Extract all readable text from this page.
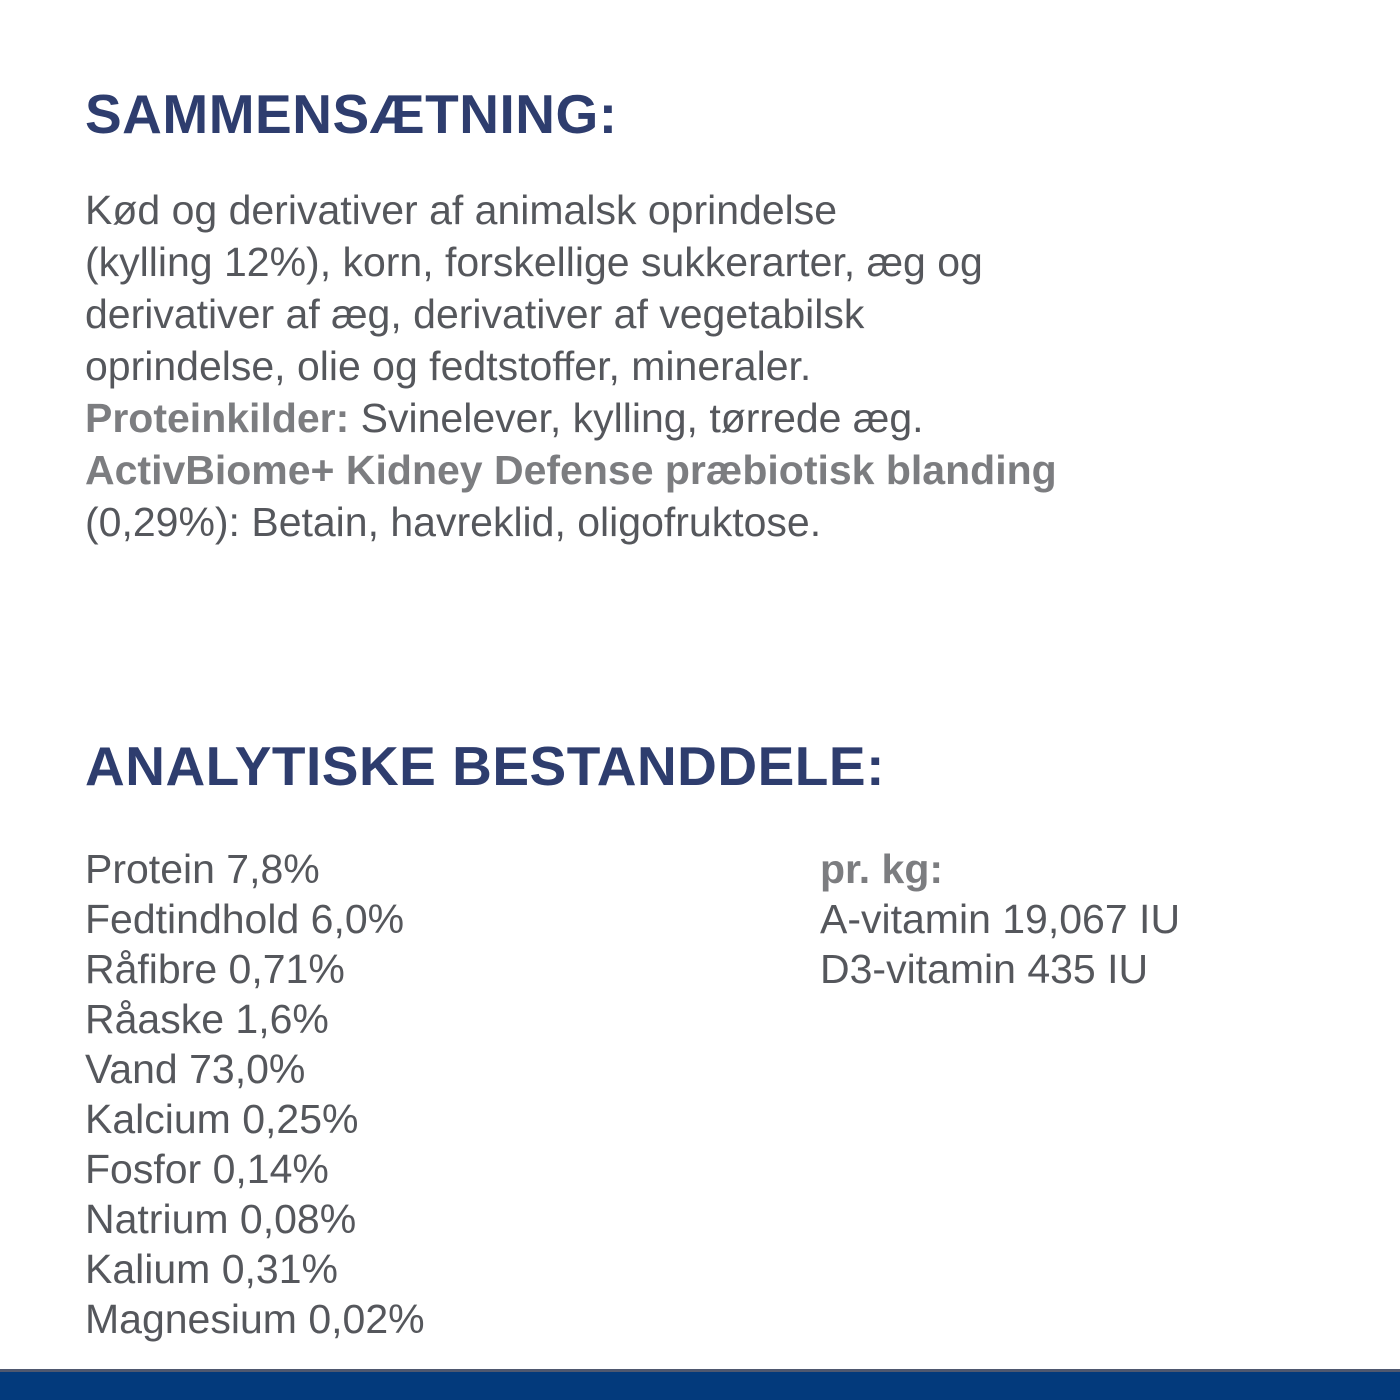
SAMMENSÆTNING:
Kød og derivativer af animalsk oprindelse
(kylling 12%), korn, forskellige sukkerarter, æg og
derivativer af æg, derivativer af vegetabilsk
oprindelse, olie og fedtstoffer, mineraler.
Proteinkilder: Svinelever, kylling, tørrede æg.
ActivBiome+ Kidney Defense præbiotisk blanding
(0,29%): Betain, havreklid, oligofruktose.
ANALYTISKE BESTANDDELE:
Protein 7,8%
Fedtindhold 6,0%
Råfibre 0,71%
Råaske 1,6%
Vand 73,0%
Kalcium 0,25%
Fosfor 0,14%
Natrium 0,08%
Kalium 0,31%
Magnesium 0,02%
pr. kg:
A-vitamin 19,067 IU
D3-vitamin 435 IU
